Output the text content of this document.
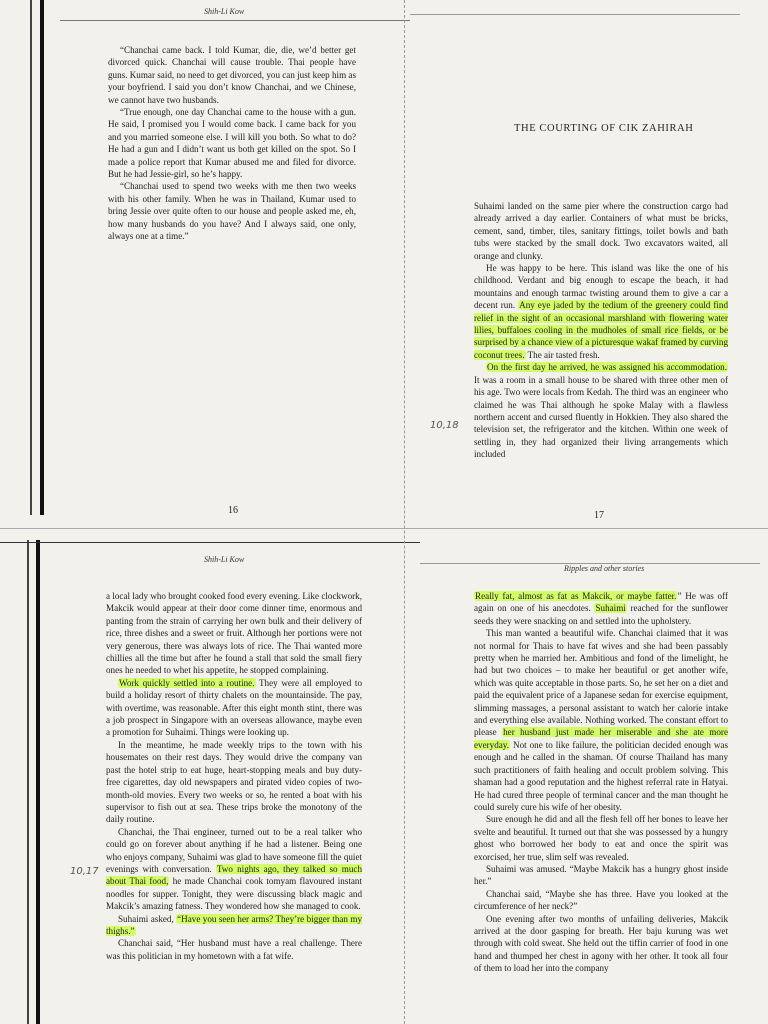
Shih-Li Kow

“Chanchai came back. I told Kumar, die, die, we’d better get divorced quick. Chanchai will cause trouble. Thai people have guns. Kumar said, no need to get divorced, you can just keep him as your boyfriend. I said you don’t know Chanchai, and we Chinese, we cannot have two husbands.

“True enough, one day Chanchai came to the house with a gun. He said, I promised you I would come back. I came back for you and you married someone else. I will kill you both. So what to do? He had a gun and I didn’t want us both get killed on the spot. So I made a police report that Kumar abused me and filed for divorce. But he had Jessie-girl, so he’s happy.

“Chanchai used to spend two weeks with me then two weeks with his other family. When he was in Thailand, Kumar used to bring Jessie over quite often to our house and people asked me, eh, how many husbands do you have? And I always said, one only, always one at a time.”

16
THE COURTING OF CIK ZAHIRAH

Suhaimi landed on the same pier where the construction cargo had already arrived a day earlier. Containers of what must be bricks, cement, sand, timber, tiles, sanitary fittings, toilet bowls and bath tubs were stacked by the small dock. Two excavators waited, all orange and clunky.

He was happy to be here. This island was like the one of his childhood. Verdant and big enough to escape the beach, it had mountains and enough tarmac twisting around them to give a car a decent run. Any eye jaded by the tedium of the greenery could find relief in the sight of an occasional marshland with flowering water lilies, buffaloes cooling in the mudholes of small rice fields, or be surprised by a chance view of a picturesque wakaf framed by curving coconut trees. The air tasted fresh.

On the first day he arrived, he was assigned his accommodation. It was a room in a small house to be shared with three other men of his age. Two were locals from Kedah. The third was an engineer who claimed he was Thai although he spoke Malay with a flawless northern accent and cursed fluently in Hokkien. They also shared the television set, the refrigerator and the kitchen. Within one week of settling in, they had organized their living arrangements which included

17
10,18
Shih-Li Kow

a local lady who brought cooked food every evening. Like clockwork, Makcik would appear at their door come dinner time, enormous and panting from the strain of carrying her own bulk and their delivery of rice, three dishes and a sweet or fruit. Although her portions were not very generous, there was always lots of rice. The Thai wanted more chillies all the time but after he found a stall that sold the small fiery ones he needed to whet his appetite, he stopped complaining.

Work quickly settled into a routine. They were all employed to build a holiday resort of thirty chalets on the mountainside. The pay, with overtime, was reasonable. After this eight month stint, there was a job prospect in Singapore with an overseas allowance, maybe even a promotion for Suhaimi. Things were looking up.

In the meantime, he made weekly trips to the town with his housemates on their rest days. They would drive the company van past the hotel strip to eat huge, heart-stopping meals and buy duty-free cigarettes, day old newspapers and pirated video copies of two-month-old movies. Every two weeks or so, he rented a boat with his supervisor to fish out at sea. These trips broke the monotony of the daily routine.

Chanchai, the Thai engineer, turned out to be a real talker who could go on forever about anything if he had a listener. Being one who enjoys company, Suhaimi was glad to have someone fill the quiet evenings with conversation. Two nights ago, they talked so much about Thai food, he made Chanchai cook tomyam flavoured instant noodles for supper. Tonight, they were discussing black magic and Makcik’s amazing fatness. They wondered how she managed to cook.

Suhaimi asked, “Have you seen her arms? They’re bigger than my thighs.”

Chanchai said, “Her husband must have a real challenge. There was this politician in my hometown with a fat wife.

10,17
Ripples and other stories

Really fat, almost as fat as Makcik, or maybe fatter.” He was off again on one of his anecdotes. Suhaimi reached for the sunflower seeds they were snacking on and settled into the upholstery.

This man wanted a beautiful wife. Chanchai claimed that it was not normal for Thais to have fat wives and she had been passably pretty when he married her. Ambitious and fond of the limelight, he had but two choices – to make her beautiful or get another wife, which was quite acceptable in those parts. So, he set her on a diet and paid the equivalent price of a Japanese sedan for exercise equipment, slimming massages, a personal assistant to watch her calorie intake and everything else available. Nothing worked. The constant effort to please her husband just made her miserable and she ate more everyday. Not one to like failure, the politician decided enough was enough and he called in the shaman. Of course Thailand has many such practitioners of faith healing and occult problem solving. This shaman had a good reputation and the highest referral rate in Hatyai. He had cured three people of terminal cancer and the man thought he could surely cure his wife of her obesity.

Sure enough he did and all the flesh fell off her bones to leave her svelte and beautiful. It turned out that she was possessed by a hungry ghost who borrowed her body to eat and once the spirit was exorcised, her true, slim self was revealed.

Suhaimi was amused. “Maybe Makcik has a hungry ghost inside her.”

Chanchai said, “Maybe she has three. Have you looked at the circumference of her neck?”

One evening after two months of unfailing deliveries, Makcik arrived at the door gasping for breath. Her baju kurung was wet through with cold sweat. She held out the tiffin carrier of food in one hand and thumped her chest in agony with her other. It took all four of them to load her into the company
